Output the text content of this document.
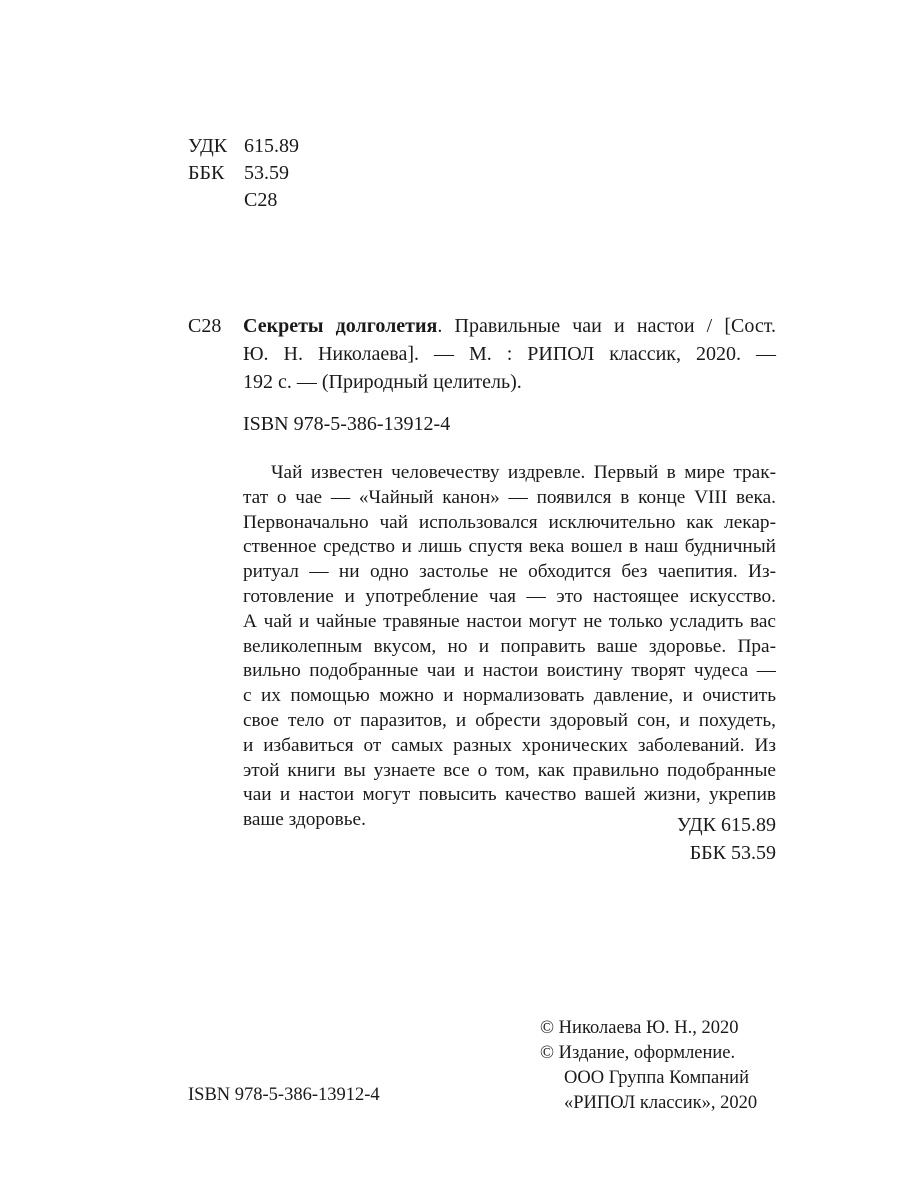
УДК 615.89
ББК 53.59
С28
С28 Секреты долголетия. Правильные чаи и настои / [Сост.
Ю. Н. Николаева]. — М. : РИПОЛ классик, 2020. —
192 с. — (Природный целитель).
ISBN 978-5-386-13912-4
Чай известен человечеству издревле. Первый в мире трак-
тат о чае — «Чайный канон» — появился в конце VIII века.
Первоначально чай использовался исключительно как лекар-
ственное средство и лишь спустя века вошел в наш будничный
ритуал — ни одно застолье не обходится без чаепития. Из-
готовление и употребление чая — это настоящее искусство.
А чай и чайные травяные настои могут не только усладить вас
великолепным вкусом, но и поправить ваше здоровье. Пра-
вильно подобранные чаи и настои воистину творят чудеса —
с их помощью можно и нормализовать давление, и очистить
свое тело от паразитов, и обрести здоровый сон, и похудеть,
и избавиться от самых разных хронических заболеваний. Из
этой книги вы узнаете все о том, как правильно подобранные
чаи и настои могут повысить качество вашей жизни, укрепив
ваше здоровье.	УДК 615.89
ББК 53.59
ISBN 978-5-386-13912-4
© Николаева Ю. Н., 2020
© Издание, оформление.
ООО Группа Компаний
«РИПОЛ классик», 2020
